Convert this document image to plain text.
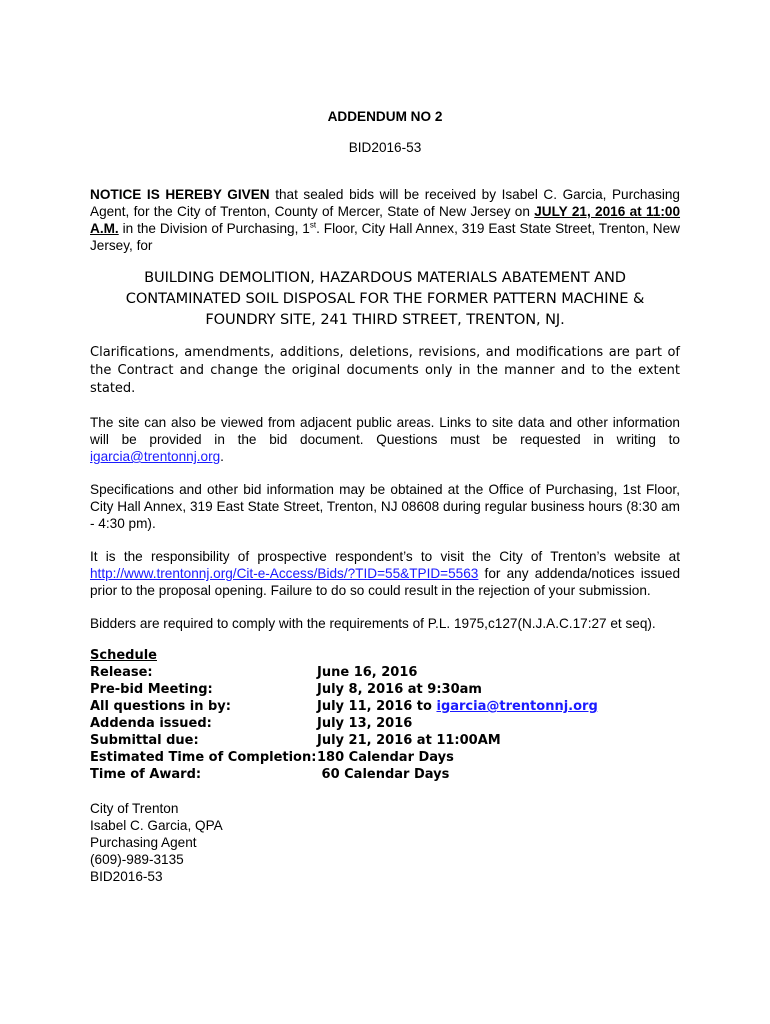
ADDENDUM NO 2
BID2016-53
NOTICE IS HEREBY GIVEN that sealed bids will be received by Isabel C. Garcia, Purchasing Agent, for the City of Trenton, County of Mercer, State of New Jersey on JULY 21, 2016 at 11:00 A.M. in the Division of Purchasing, 1st. Floor, City Hall Annex, 319 East State Street, Trenton, New Jersey, for
BUILDING DEMOLITION, HAZARDOUS MATERIALS ABATEMENT AND CONTAMINATED SOIL DISPOSAL FOR THE FORMER PATTERN MACHINE & FOUNDRY SITE, 241 THIRD STREET, TRENTON, NJ.
Clarifications, amendments, additions, deletions, revisions, and modifications are part of the Contract and change the original documents only in the manner and to the extent stated.
The site can also be viewed from adjacent public areas. Links to site data and other information will be provided in the bid document. Questions must be requested in writing to igarcia@trentonnj.org.
Specifications and other bid information may be obtained at the Office of Purchasing, 1st Floor, City Hall Annex, 319 East State Street, Trenton, NJ 08608 during regular business hours (8:30 am - 4:30 pm).
It is the responsibility of prospective respondent’s to visit the City of Trenton’s website at http://www.trentonnj.org/Cit-e-Access/Bids/?TID=55&TPID=5563 for any addenda/notices issued prior to the proposal opening. Failure to do so could result in the rejection of your submission.
Bidders are required to comply with the requirements of P.L. 1975,c127(N.J.A.C.17:27 et seq).
Schedule
Release:	June 16, 2016
Pre-bid Meeting:	July 8, 2016 at 9:30am
All questions in by:	July 11, 2016 to igarcia@trentonnj.org
Addenda issued:	July 13, 2016
Submittal due:	July 21, 2016 at 11:00AM
Estimated Time of Completion: 180 Calendar Days
Time of Award:	60 Calendar Days
City of Trenton
Isabel C. Garcia, QPA
Purchasing Agent
(609)-989-3135
BID2016-53
